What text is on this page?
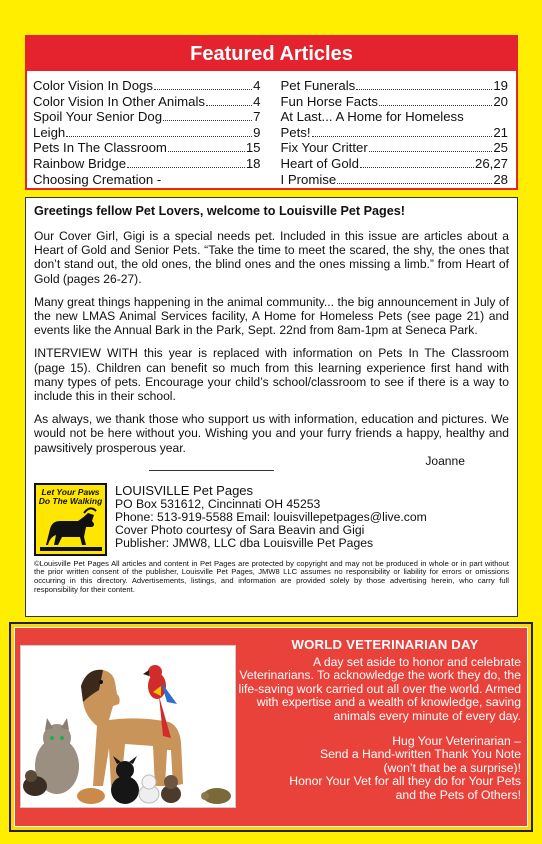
Featured Articles
Color Vision In Dogs	4
Color Vision In Other Animals	4
Spoil Your Senior Dog	7
Leigh	9
Pets In The Classroom	15
Rainbow Bridge	18
Choosing Cremation -
Pet Funerals	19
Fun Horse Facts	20
At Last... A Home for Homeless
Pets!	21
Fix Your Critter	25
Heart of Gold	26,27
I Promise	28
Greetings fellow Pet Lovers, welcome to Louisville Pet Pages!

Our Cover Girl, Gigi is a special needs pet. Included in this issue are articles about a Heart of Gold and Senior Pets. “Take the time to meet the scared, the shy, the ones that don’t stand out, the old ones, the blind ones and the ones missing a limb.” from Heart of Gold (pages 26-27).

Many great things happening in the animal community... the big announcement in July of the new LMAS Animal Services facility, A Home for Homeless Pets (see page 21) and events like the Annual Bark in the Park, Sept. 22nd from 8am-1pm at Seneca Park.

INTERVIEW WITH this year is replaced with information on Pets In The Classroom (page 15). Children can benefit so much from this learning experience first hand with many types of pets. Encourage your child’s school/classroom to see if there is a way to include this in their school.

As always, we thank those who support us with information, education and pictures. We would not be here without you. Wishing you and your furry friends a happy, healthy and pawsitively prosperous year.

Joanne
Let Your Paws Do The Walking
LOUISVILLE Pet Pages
PO Box 531612, Cincinnati OH 45253
Phone: 513-919-5588 Email: louisvillepetpages@live.com
Cover Photo courtesy of Sara Beavin and Gigi
Publisher: JMW8, LLC dba Louisville Pet Pages

©Louisville Pet Pages All articles and content in Pet Pages are protected by copyright and may not be produced in whole or in part without the prior written consent of the publisher, Louisville Pet Pages, JMW8 LLC assumes no responsibility or liability for errors or omissions occurring in this directory. Advertisements, listings, and information are provided solely by those advertising herein, who carry full responsibility for their content.

WORLD VETERINARIAN DAY

A day set aside to honor and celebrate Veterinarians. To acknowledge the work they do, the life-saving work carried out all over the world. Armed with expertise and a wealth of knowledge, saving animals every minute of every day.

Hug Your Veterinarian –
Send a Hand-written Thank You Note
(won’t that be a surprise)!
Honor Your Vet for all they do for Your Pets
and the Pets of Others!
